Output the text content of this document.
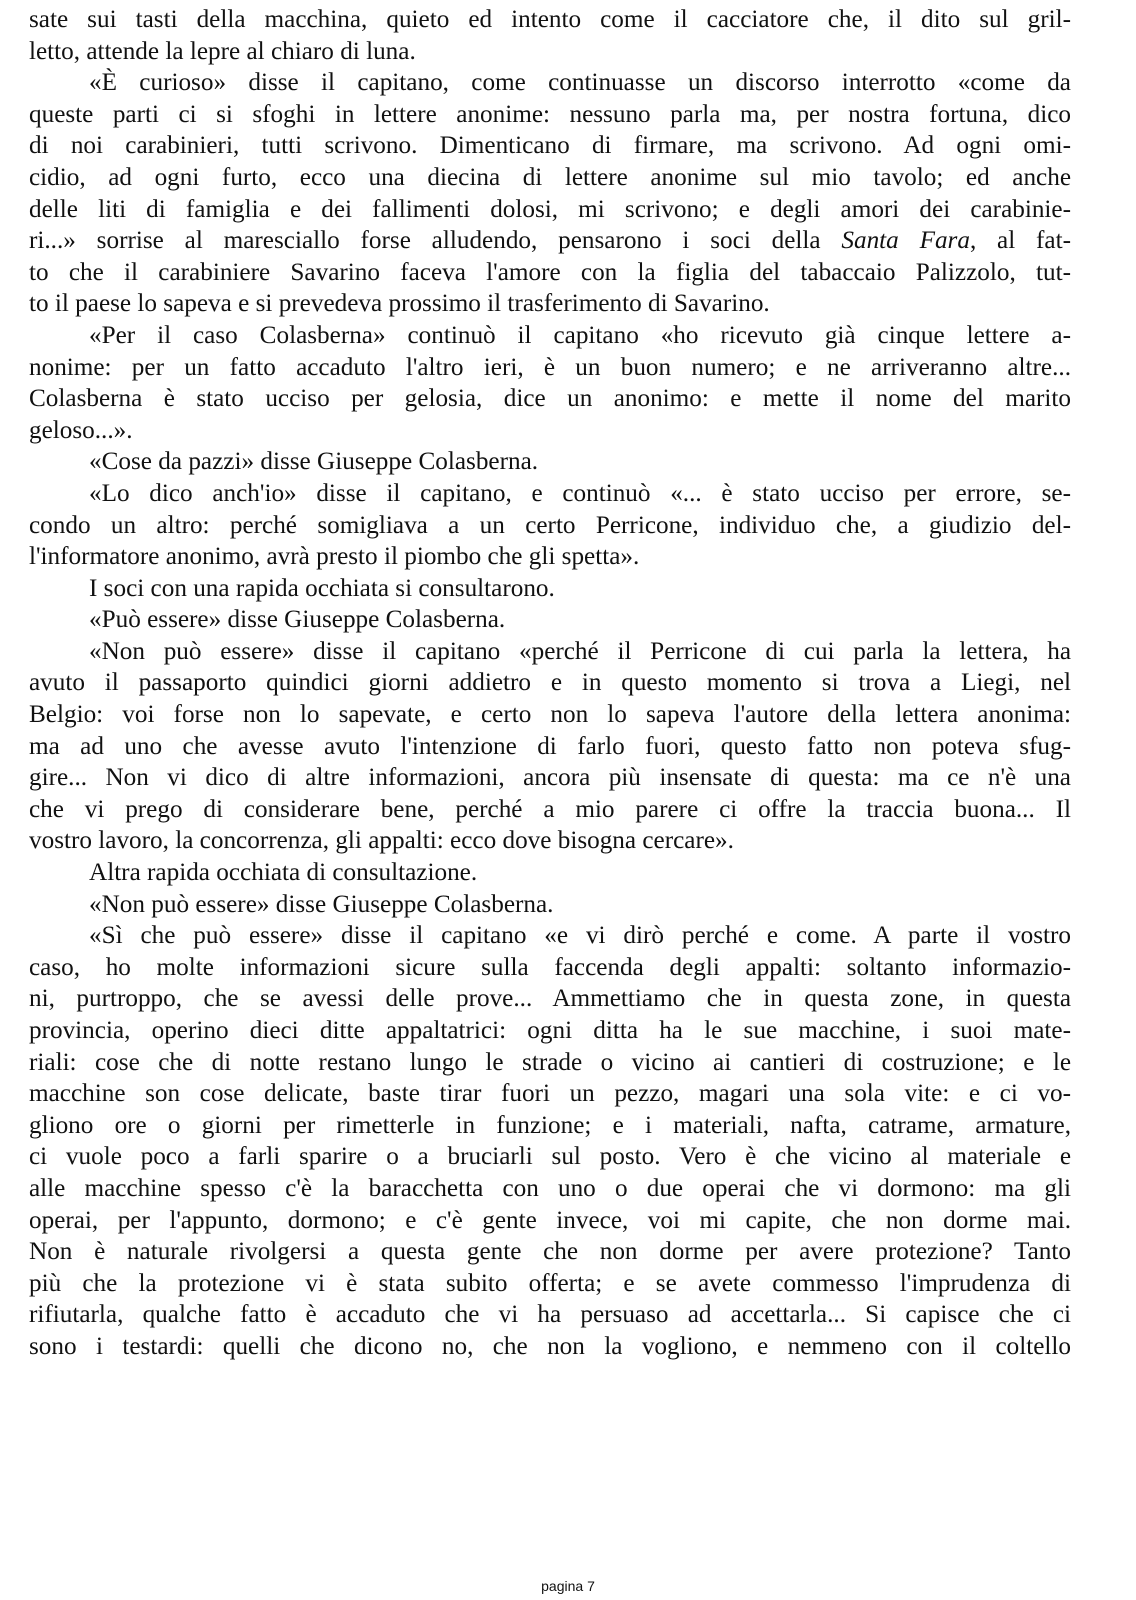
sate sui tasti della macchina, quieto ed intento come il cacciatore che, il dito sul gril-
letto, attende la lepre al chiaro di luna.
«È curioso» disse il capitano, come continuasse un discorso interrotto «come da
queste parti ci si sfoghi in lettere anonime: nessuno parla ma, per nostra fortuna, dico
di noi carabinieri, tutti scrivono. Dimenticano di firmare, ma scrivono. Ad ogni omi-
cidio, ad ogni furto, ecco una diecina di lettere anonime sul mio tavolo; ed anche
delle liti di famiglia e dei fallimenti dolosi, mi scrivono; e degli amori dei carabinie-
ri...» sorrise al maresciallo forse alludendo, pensarono i soci della Santa Fara, al fat-
to che il carabiniere Savarino faceva l'amore con la figlia del tabaccaio Palizzolo, tut-
to il paese lo sapeva e si prevedeva prossimo il trasferimento di Savarino.
«Per il caso Colasberna» continuò il capitano «ho ricevuto già cinque lettere a-
nonime: per un fatto accaduto l'altro ieri, è un buon numero; e ne arriveranno altre...
Colasberna è stato ucciso per gelosia, dice un anonimo: e mette il nome del marito
geloso...».
«Cose da pazzi» disse Giuseppe Colasberna.
«Lo dico anch'io» disse il capitano, e continuò «... è stato ucciso per errore, se-
condo un altro: perché somigliava a un certo Perricone, individuo che, a giudizio del-
l'informatore anonimo, avrà presto il piombo che gli spetta».
I soci con una rapida occhiata si consultarono.
«Può essere» disse Giuseppe Colasberna.
«Non può essere» disse il capitano «perché il Perricone di cui parla la lettera, ha
avuto il passaporto quindici giorni addietro e in questo momento si trova a Liegi, nel
Belgio: voi forse non lo sapevate, e certo non lo sapeva l'autore della lettera anonima:
ma ad uno che avesse avuto l'intenzione di farlo fuori, questo fatto non poteva sfug-
gire... Non vi dico di altre informazioni, ancora più insensate di questa: ma ce n'è una
che vi prego di considerare bene, perché a mio parere ci offre la traccia buona... Il
vostro lavoro, la concorrenza, gli appalti: ecco dove bisogna cercare».
Altra rapida occhiata di consultazione.
«Non può essere» disse Giuseppe Colasberna.
«Sì che può essere» disse il capitano «e vi dirò perché e come. A parte il vostro
caso, ho molte informazioni sicure sulla faccenda degli appalti: soltanto informazio-
ni, purtroppo, che se avessi delle prove... Ammettiamo che in questa zone, in questa
provincia, operino dieci ditte appaltatrici: ogni ditta ha le sue macchine, i suoi mate-
riali: cose che di notte restano lungo le strade o vicino ai cantieri di costruzione; e le
macchine son cose delicate, baste tirar fuori un pezzo, magari una sola vite: e ci vo-
gliono ore o giorni per rimetterle in funzione; e i materiali, nafta, catrame, armature,
ci vuole poco a farli sparire o a bruciarli sul posto. Vero è che vicino al materiale e
alle macchine spesso c'è la baracchetta con uno o due operai che vi dormono: ma gli
operai, per l'appunto, dormono; e c'è gente invece, voi mi capite, che non dorme mai.
Non è naturale rivolgersi a questa gente che non dorme per avere protezione? Tanto
più che la protezione vi è stata subito offerta; e se avete commesso l'imprudenza di
rifiutarla, qualche fatto è accaduto che vi ha persuaso ad accettarla... Si capisce che ci
sono i testardi: quelli che dicono no, che non la vogliono, e nemmeno con il coltello
pagina 7
